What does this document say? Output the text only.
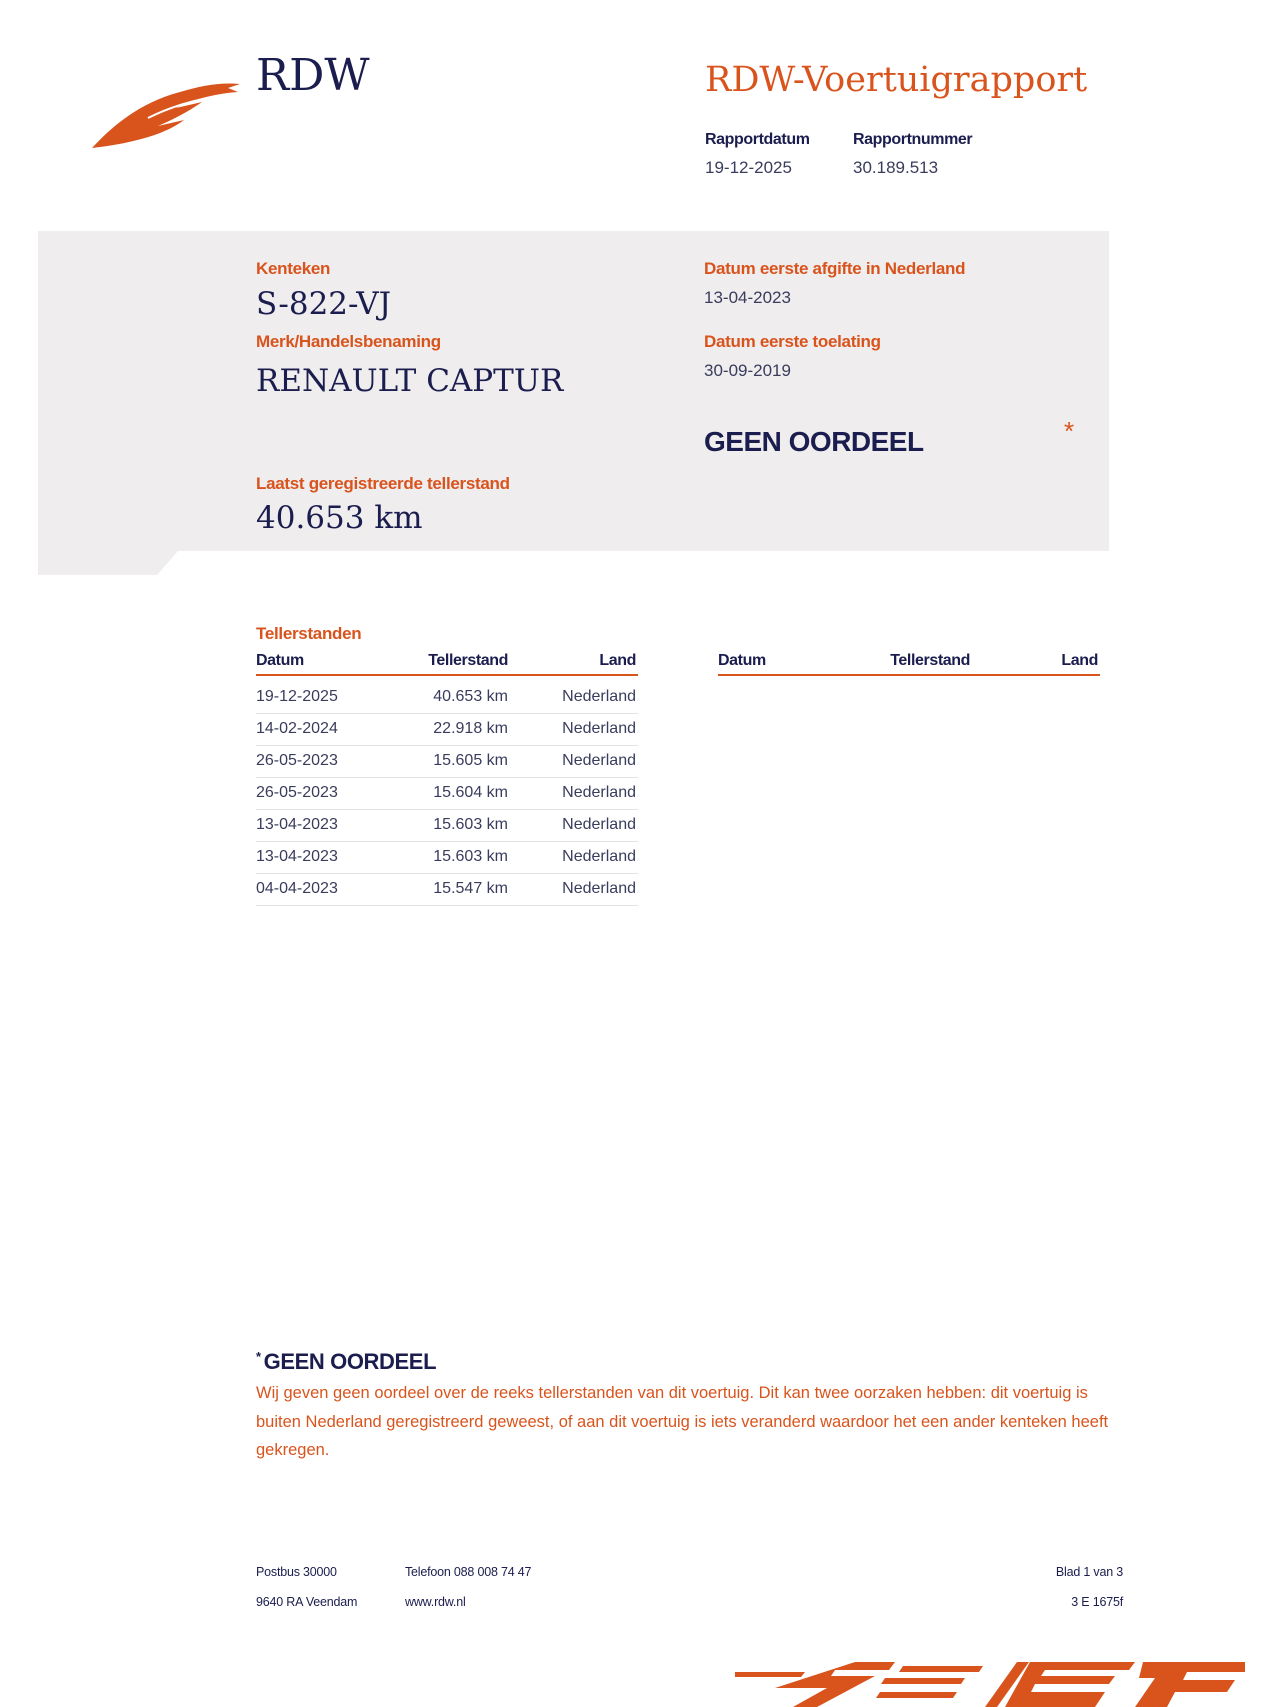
RDW	RDW-Voertuigrapport
Rapportdatum
19-12-2025
Rapportnummer
30.189.513
Kenteken
S-822-VJ
Merk/Handelsbenaming
RENAULT CAPTUR
Datum eerste afgifte in Nederland
13-04-2023
Datum eerste toelating
30-09-2019
GEEN OORDEEL	*
Laatst geregistreerde tellerstand
40.653 km
Tellerstanden
Datum	Tellerstand	Land	Datum	Tellerstand	Land
19-12-2025	40.653 km	Nederland
14-02-2024	22.918 km	Nederland
26-05-2023	15.605 km	Nederland
26-05-2023	15.604 km	Nederland
13-04-2023	15.603 km	Nederland
13-04-2023	15.603 km	Nederland
04-04-2023	15.547 km	Nederland
* GEEN OORDEEL
Wij geven geen oordeel over de reeks tellerstanden van dit voertuig. Dit kan twee oorzaken hebben: dit voertuig is buiten Nederland geregistreerd geweest, of aan dit voertuig is iets veranderd waardoor het een ander kenteken heeft gekregen.
Postbus 30000
9640 RA Veendam
Telefoon 088 008 74 47
www.rdw.nl
Blad 1 van 3
3 E 1675f
